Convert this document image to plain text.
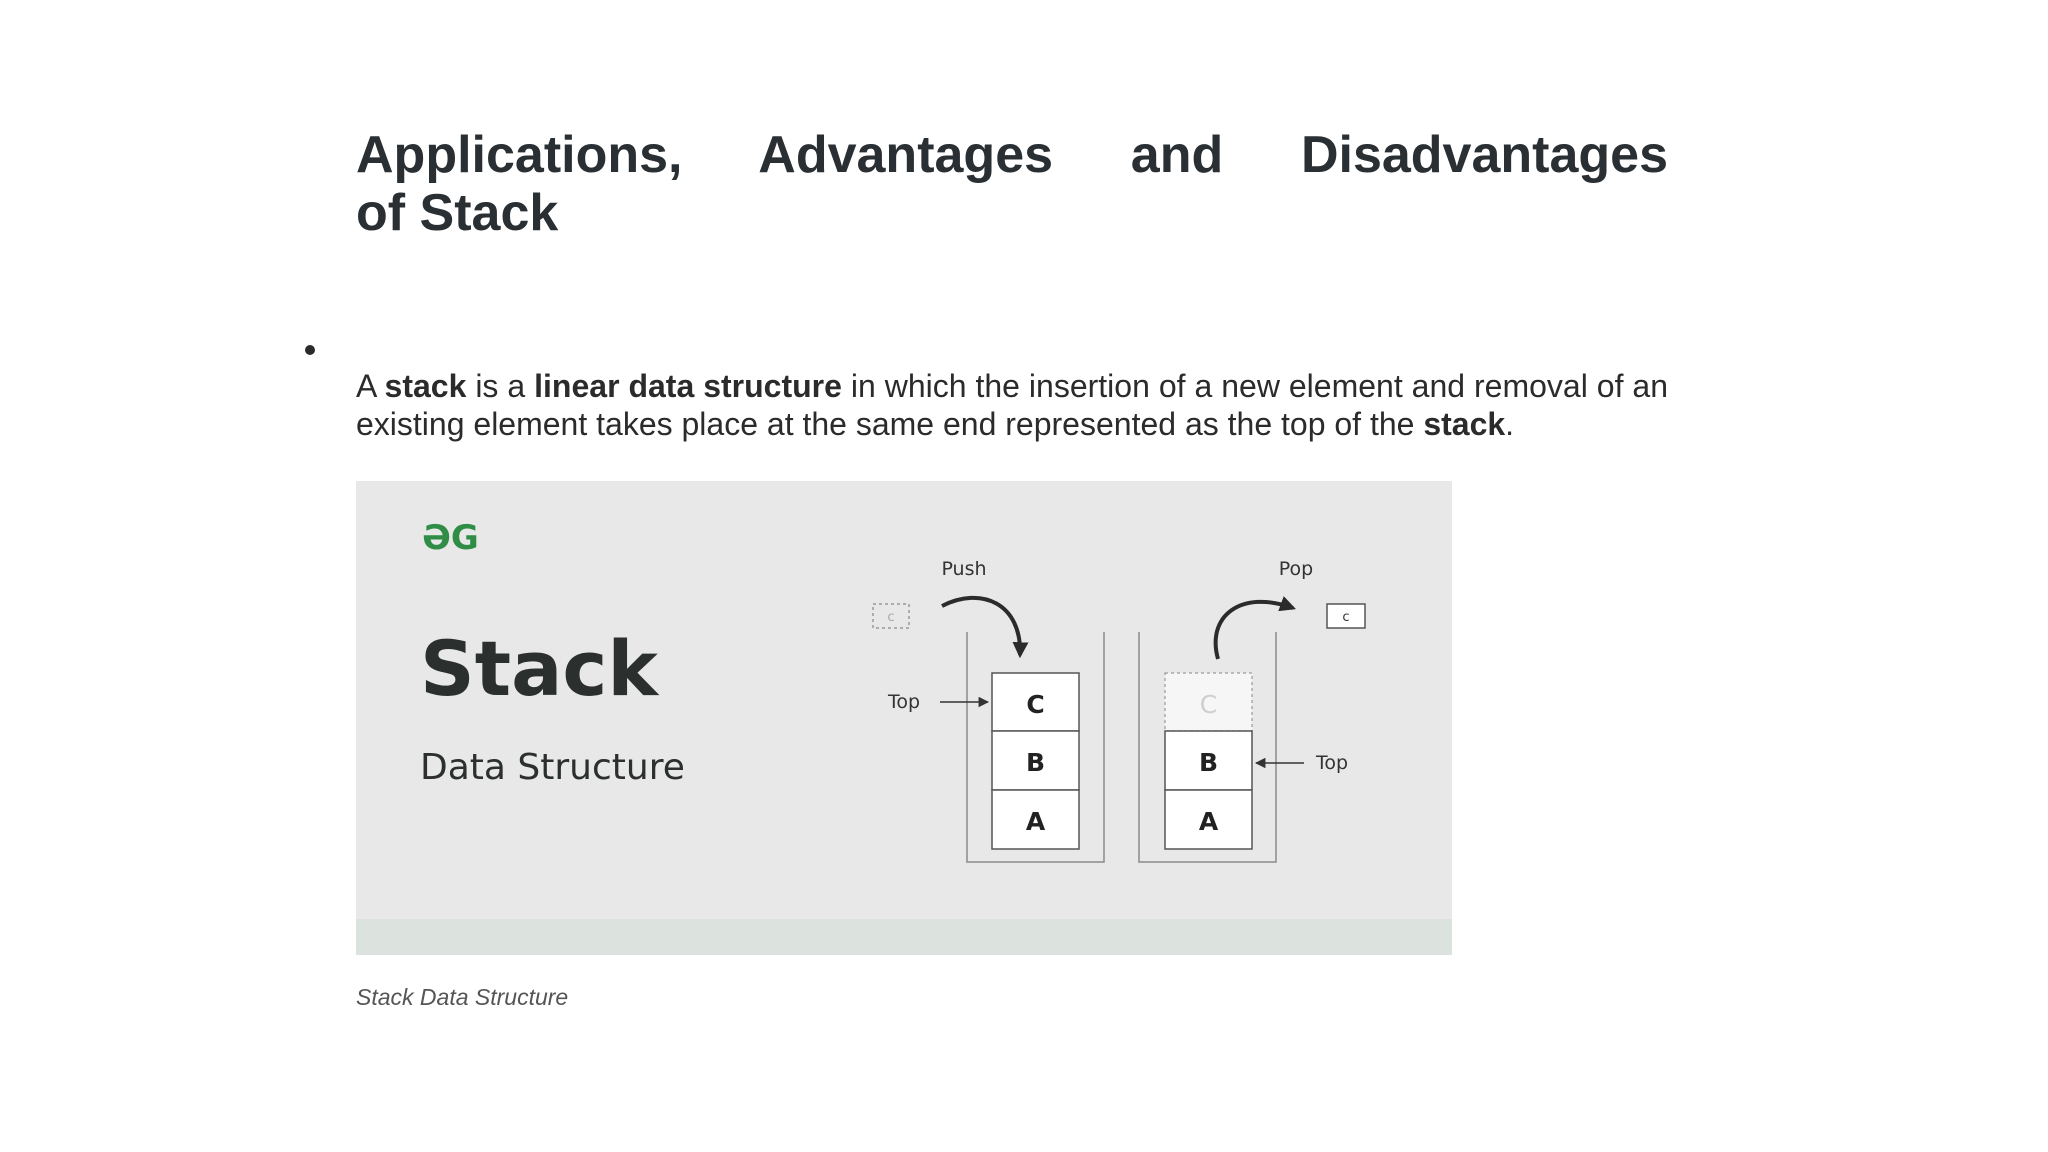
Applications, Advantages and Disadvantages
of Stack

A stack is a linear data structure in which the insertion of a new element and removal of an existing element takes place at the same end represented as the top of the stack.

ƏG
Stack
Data Structure
Push	Pop
c	c
C
B
A
C
B
A
Top
Top
Stack Data Structure
